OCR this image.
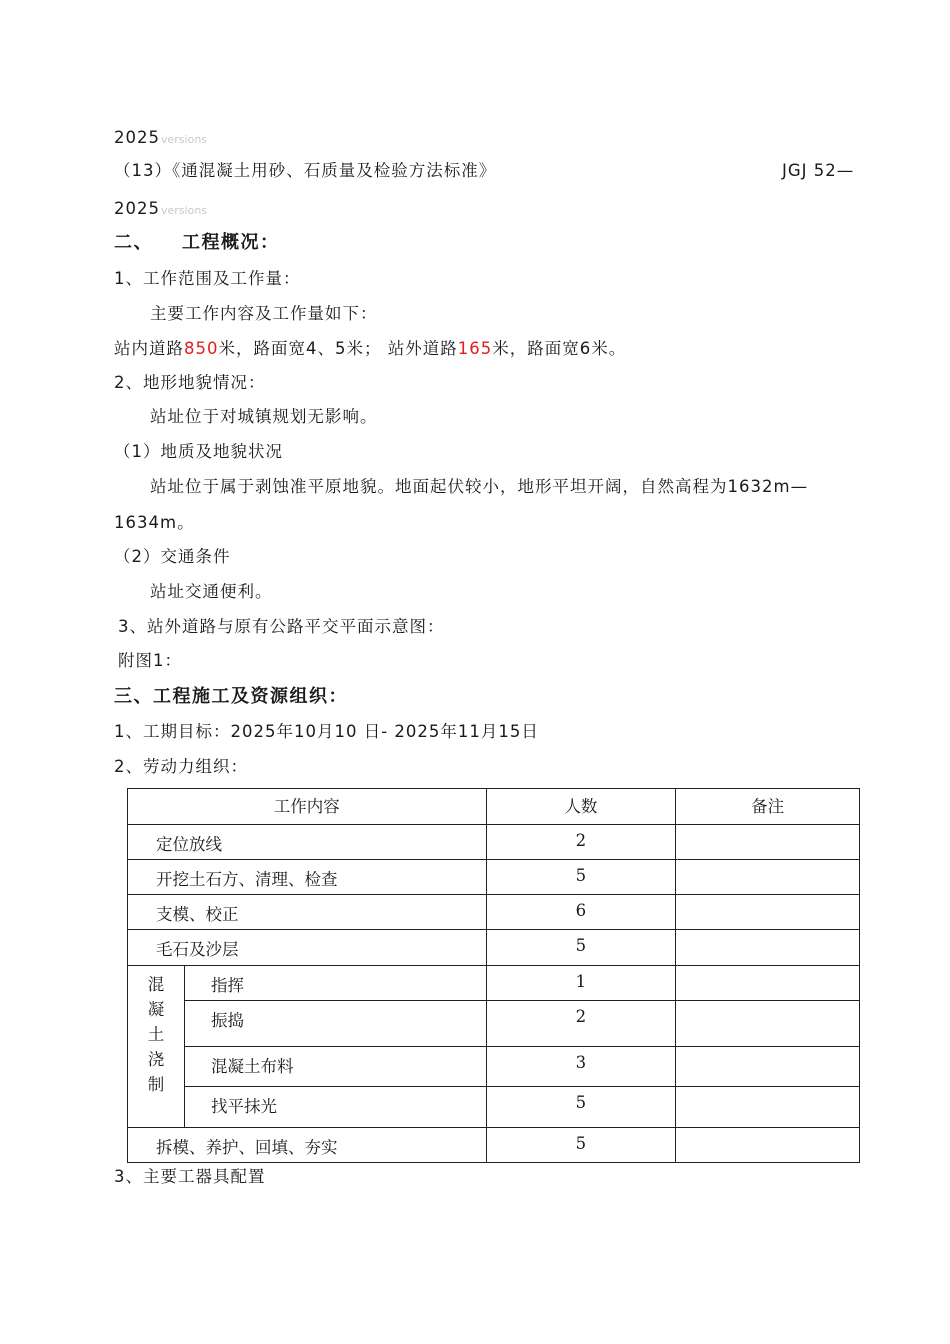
2025versions
（13）《通混凝土用砂、石质量及检验方法标准》	JGJ 52—
2025versions
二、 工程概况：
1、工作范围及工作量：
主要工作内容及工作量如下：
站内道路850米，路面宽4、5米； 站外道路165米，路面宽6米。
2、地形地貌情况：
站址位于对城镇规划无影响。
（1）地质及地貌状况
站址位于属于剥蚀准平原地貌。地面起伏较小，地形平坦开阔，自然高程为1632m—
1634m。
（2）交通条件
站址交通便利。
3、站外道路与原有公路平交平面示意图：
附图1：
三、工程施工及资源组织：
1、工期目标：2025年10月10 日- 2025年11月15日
2、劳动力组织：
工作内容		人数	备注

定位放线		2	

开挖土石方、清理、检查		5	

支模、校正		6	

毛石及沙层		5	

混
凝
土
浇
制	指挥	1	

	振捣	2	

	混凝土布料	3	

	找平抹光	5	

拆模、养护、回填、夯实		5	

3、主要工器具配置
